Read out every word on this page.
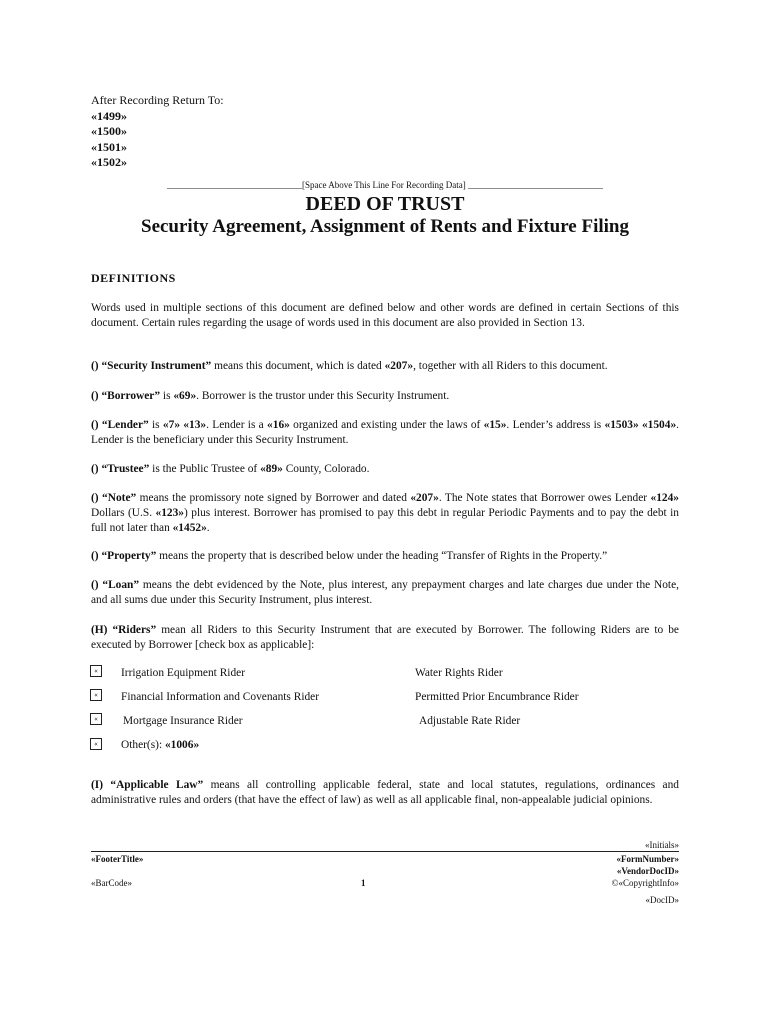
After Recording Return To:
«1499»
«1500»
«1501»
«1502»
______________________________[Space Above This Line For Recording Data] ______________________________
DEED OF TRUST
Security Agreement, Assignment of Rents and Fixture Filing
DEFINITIONS
Words used in multiple sections of this document are defined below and other words are defined in certain Sections of this document. Certain rules regarding the usage of words used in this document are also provided in Section 13.
() “Security Instrument” means this document, which is dated «207», together with all Riders to this document.
() “Borrower” is «69». Borrower is the trustor under this Security Instrument.
() “Lender” is «7» «13». Lender is a «16» organized and existing under the laws of «15». Lender’s address is «1503» «1504». Lender is the beneficiary under this Security Instrument.
() “Trustee” is the Public Trustee of «89» County, Colorado.
() “Note” means the promissory note signed by Borrower and dated «207». The Note states that Borrower owes Lender «124» Dollars (U.S. «123») plus interest. Borrower has promised to pay this debt in regular Periodic Payments and to pay the debt in full not later than «1452».
() “Property” means the property that is described below under the heading “Transfer of Rights in the Property.”
() “Loan” means the debt evidenced by the Note, plus interest, any prepayment charges and late charges due under the Note, and all sums due under this Security Instrument, plus interest.
(H) “Riders” mean all Riders to this Security Instrument that are executed by Borrower. The following Riders are to be executed by Borrower [check box as applicable]:
«	Irrigation Equipment Rider	Water Rights Rider
«	Financial Information and Covenants Rider	Permitted Prior Encumbrance Rider
«	Mortgage Insurance Rider	Adjustable Rate Rider
«	Other(s): «1006»
(I) “Applicable Law” means all controlling applicable federal, state and local statutes, regulations, ordinances and administrative rules and orders (that have the effect of law) as well as all applicable final, non-appealable judicial opinions.
«Initials»
«FooterTitle»	«FormNumber»
«VendorDocID»
«BarCode»	1	©«CopyrightInfo»
«DocID»
